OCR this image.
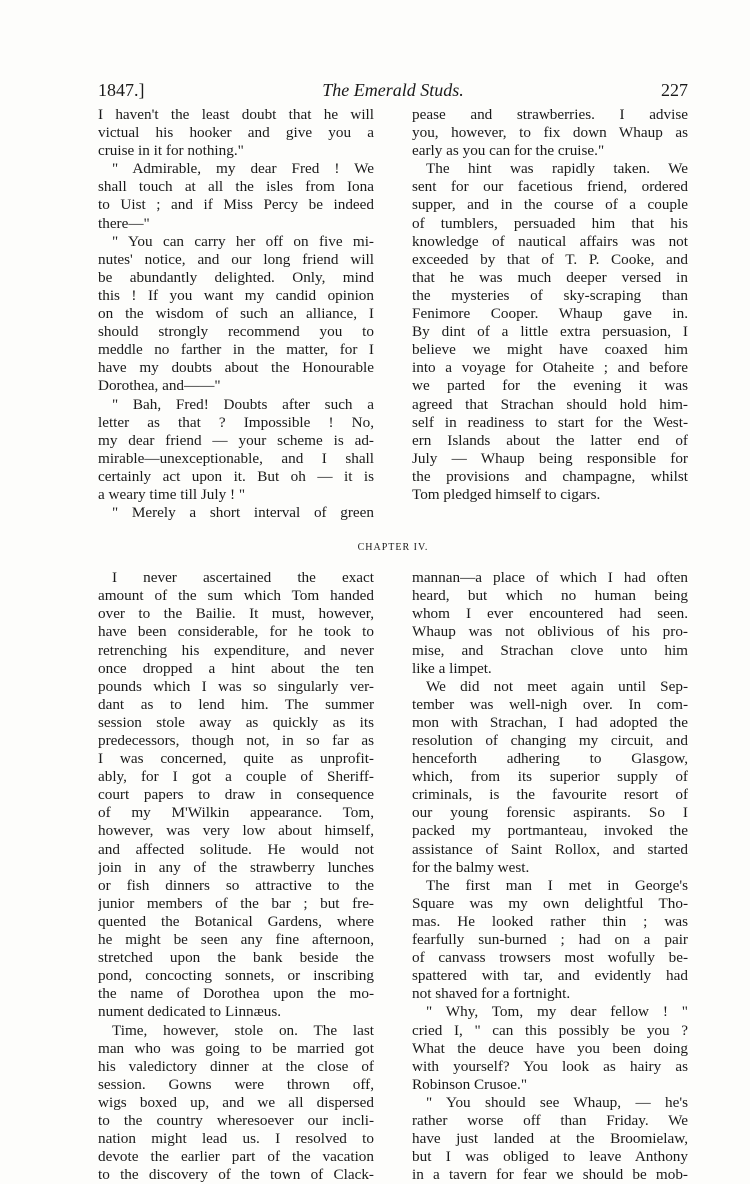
1847.]	The Emerald Studs.	227
I haven't the least doubt that he will
victual his hooker and give you a
cruise in it for nothing."
" Admirable, my dear Fred ! We
shall touch at all the isles from Iona
to Uist ; and if Miss Percy be indeed
there—"
" You can carry her off on five mi-
nutes' notice, and our long friend will
be abundantly delighted. Only, mind
this ! If you want my candid opinion
on the wisdom of such an alliance, I
should strongly recommend you to
meddle no farther in the matter, for I
have my doubts about the Honourable
Dorothea, and——"
" Bah, Fred! Doubts after such a
letter as that ? Impossible ! No,
my dear friend — your scheme is ad-
mirable—unexceptionable, and I shall
certainly act upon it. But oh — it is
a weary time till July ! "
" Merely a short interval of green
pease and strawberries. I advise
you, however, to fix down Whaup as
early as you can for the cruise."
The hint was rapidly taken. We
sent for our facetious friend, ordered
supper, and in the course of a couple
of tumblers, persuaded him that his
knowledge of nautical affairs was not
exceeded by that of T. P. Cooke, and
that he was much deeper versed in
the mysteries of sky-scraping than
Fenimore Cooper. Whaup gave in.
By dint of a little extra persuasion, I
believe we might have coaxed him
into a voyage for Otaheite ; and before
we parted for the evening it was
agreed that Strachan should hold him-
self in readiness to start for the West-
ern Islands about the latter end of
July — Whaup being responsible for
the provisions and champagne, whilst
Tom pledged himself to cigars.
CHAPTER IV.
I never ascertained the exact
amount of the sum which Tom handed
over to the Bailie. It must, however,
have been considerable, for he took to
retrenching his expenditure, and never
once dropped a hint about the ten
pounds which I was so singularly ver-
dant as to lend him. The summer
session stole away as quickly as its
predecessors, though not, in so far as
I was concerned, quite as unprofit-
ably, for I got a couple of Sheriff-
court papers to draw in consequence
of my M'Wilkin appearance. Tom,
however, was very low about himself,
and affected solitude. He would not
join in any of the strawberry lunches
or fish dinners so attractive to the
junior members of the bar ; but fre-
quented the Botanical Gardens, where
he might be seen any fine afternoon,
stretched upon the bank beside the
pond, concocting sonnets, or inscribing
the name of Dorothea upon the mo-
nument dedicated to Linnæus.
Time, however, stole on. The last
man who was going to be married got
his valedictory dinner at the close of
session. Gowns were thrown off,
wigs boxed up, and we all dispersed
to the country wheresoever our incli-
nation might lead us. I resolved to
devote the earlier part of the vacation
to the discovery of the town of Clack-
mannan—a place of which I had often
heard, but which no human being
whom I ever encountered had seen.
Whaup was not oblivious of his pro-
mise, and Strachan clove unto him
like a limpet.
We did not meet again until Sep-
tember was well-nigh over. In com-
mon with Strachan, I had adopted the
resolution of changing my circuit, and
henceforth adhering to Glasgow,
which, from its superior supply of
criminals, is the favourite resort of
our young forensic aspirants. So I
packed my portmanteau, invoked the
assistance of Saint Rollox, and started
for the balmy west.
The first man I met in George's
Square was my own delightful Tho-
mas. He looked rather thin ; was
fearfully sun-burned ; had on a pair
of canvass trowsers most wofully be-
spattered with tar, and evidently had
not shaved for a fortnight.
" Why, Tom, my dear fellow ! "
cried I, " can this possibly be you ?
What the deuce have you been doing
with yourself? You look as hairy as
Robinson Crusoe."
" You should see Whaup, — he's
rather worse off than Friday. We
have just landed at the Broomielaw,
but I was obliged to leave Anthony
in a tavern for fear we should be mob-
